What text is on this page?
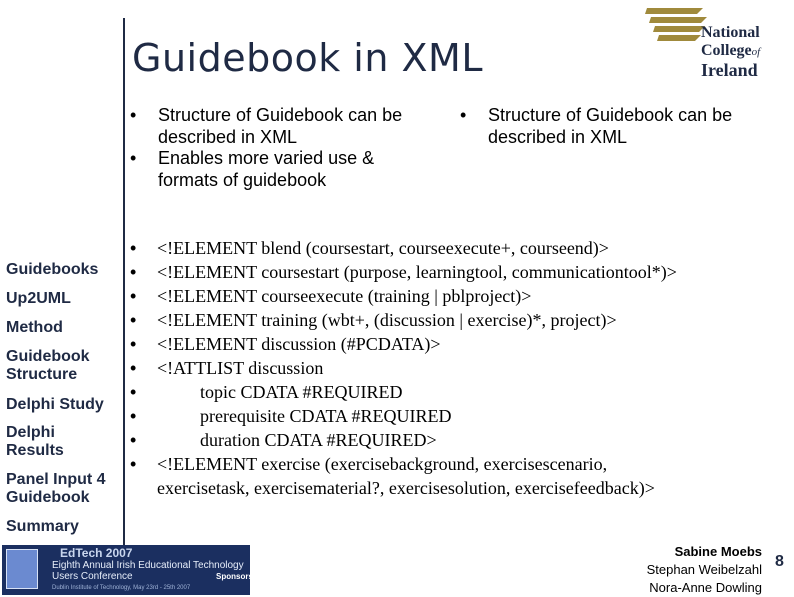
Guidebook in XML
National
Collegeof
Ireland
• Structure of Guidebook can be described in XML
• Enables more varied use & formats of guidebook
• Structure of Guidebook can be described in XML
• <!ELEMENT blend (coursestart, courseexecute+, courseend)>
• <!ELEMENT coursestart (purpose, learningtool, communicationtool*)>
• <!ELEMENT courseexecute (training | pblproject)>
• <!ELEMENT training (wbt+, (discussion | exercise)*, project)>
• <!ELEMENT discussion (#PCDATA)>
• <!ATTLIST discussion
•	topic CDATA #REQUIRED
•	prerequisite CDATA #REQUIRED
•	duration CDATA #REQUIRED>
• <!ELEMENT exercise (exercisebackground, exercisescenario,
exercisetask, exercisematerial?, exercisesolution, exercisefeedback)>
Guidebooks
Up2UML
Method
Guidebook Structure
Delphi Study
Delphi Results
Panel Input 4 Guidebook
Summary
EdTech 2007
Eighth Annual Irish Educational Technology
Users Conference
Dublin Institute of Technology, May 23rd - 25th 2007
Sponsors:
Sabine Moebs
Stephan Weibelzahl
Nora-Anne Dowling
8
